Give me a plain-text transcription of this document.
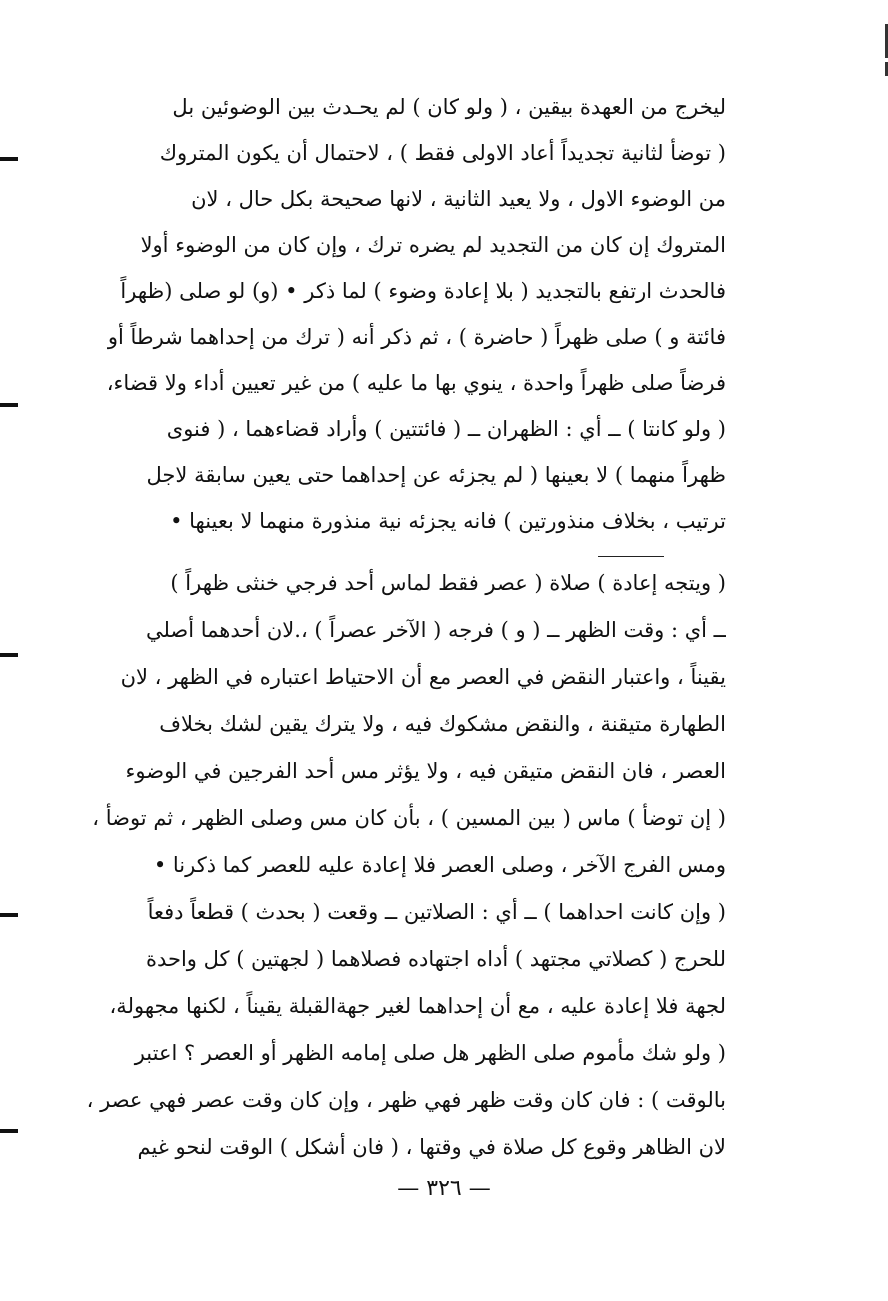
ليخرج من العهدة بيقين ، ( ولو كان ) لم يحـدث بين الوضوئين بل
( توضأ لثانية تجديداً أعاد الاولى فقط ) ، لاحتمال أن يكون المتروك
من الوضوء الاول ، ولا يعيد الثانية ، لانها صحيحة بكل حال ، لان
المتروك إن كان من التجديد لم يضره ترك ، وإن كان من الوضوء أولا
فالحدث ارتفع بالتجديد ( بلا إعادة وضوء ) لما ذكر • (و) لو صلى (ظهراً
فائتة و ) صلى ظهراً ( حاضرة ) ، ثم ذكر أنه ( ترك من إحداهما شرطاً أو
فرضاً صلى ظهراً واحدة ، ينوي بها ما عليه ) من غير تعيين أداء ولا قضاء،
( ولو كانتا ) ــ أي : الظهران ــ ( فائتتين ) وأراد قضاءهما ، ( فنوى
ظهراً منهما ) لا بعينها ( لم يجزئه عن إحداهما حتى يعين سابقة لاجل
ترتيب ، بخلاف منذورتين ) فانه يجزئه نية منذورة منهما لا بعينها •
( ويتجه إعادة ) صلاة ( عصر فقط لماس أحد فرجي خنثى ظهراً )
ــ أي : وقت الظهر ــ ( و ) فرجه ( الآخر عصراً ) ،.لان أحدهما أصلي
يقيناً ، واعتبار النقض في العصر مع أن الاحتياط اعتباره في الظهر ، لان
الطهارة متيقنة ، والنقض مشكوك فيه ، ولا يترك يقين لشك بخلاف
العصر ، فان النقض متيقن فيه ، ولا يؤثر مس أحد الفرجين في الوضوء
( إن توضأ ) ماس ( بين المسين ) ، بأن كان مس وصلى الظهر ، ثم توضأ ،
ومس الفرج الآخر ، وصلى العصر فلا إعادة عليه للعصر كما ذكرنا •
( وإن كانت احداهما ) ــ أي : الصلاتين ــ وقعت ( بحدث ) قطعاً دفعاً
للحرج ( كصلاتي مجتهد ) أداه اجتهاده فصلاهما ( لجهتين ) كل واحدة
لجهة فلا إعادة عليه ، مع أن إحداهما لغير جهةالقبلة يقيناً ، لكنها مجهولة،
( ولو شك مأموم صلى الظهر هل صلى إمامه الظهر أو العصر ؟ اعتبر
بالوقت ) : فان كان وقت ظهر فهي ظهر ، وإن كان وقت عصر فهي عصر ،
لان الظاهر وقوع كل صلاة في وقتها ، ( فان أشكل ) الوقت لنحو غيم
— ٣٢٦ —
